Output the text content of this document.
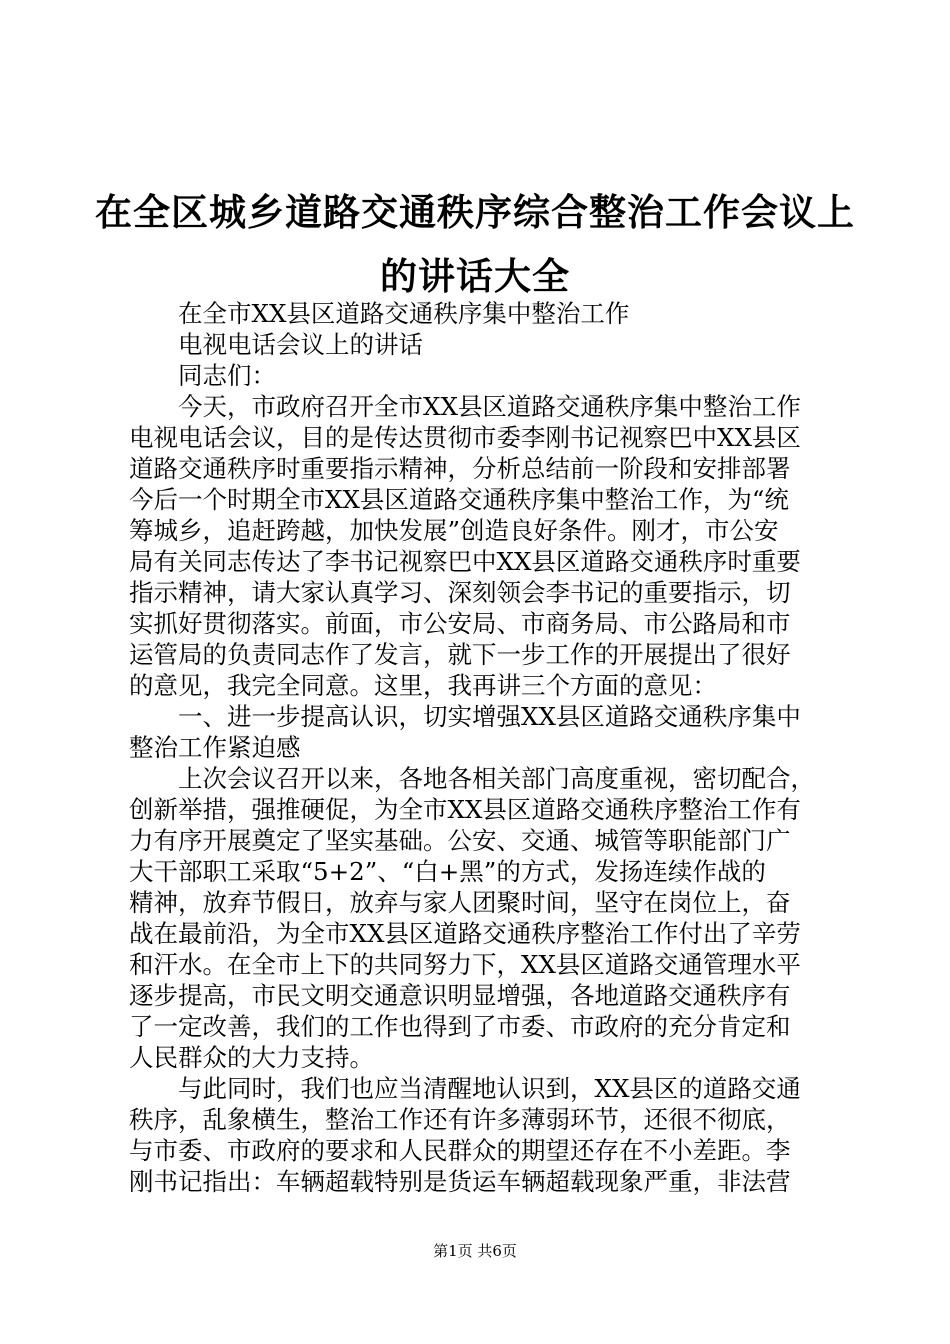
在全区城乡道路交通秩序综合整治工作会议上
的讲话大全
在全市XX县区道路交通秩序集中整治工作
电视电话会议上的讲话
同志们：
今天，市政府召开全市XX县区道路交通秩序集中整治工作
电视电话会议，目的是传达贯彻市委李刚书记视察巴中XX县区
道路交通秩序时重要指示精神，分析总结前一阶段和安排部署
今后一个时期全市XX县区道路交通秩序集中整治工作，为“统
筹城乡，追赶跨越，加快发展”创造良好条件。刚才，市公安
局有关同志传达了李书记视察巴中XX县区道路交通秩序时重要
指示精神，请大家认真学习、深刻领会李书记的重要指示，切
实抓好贯彻落实。前面，市公安局、市商务局、市公路局和市
运管局的负责同志作了发言，就下一步工作的开展提出了很好
的意见，我完全同意。这里，我再讲三个方面的意见：
一、进一步提高认识，切实增强XX县区道路交通秩序集中
整治工作紧迫感
上次会议召开以来，各地各相关部门高度重视，密切配合，
创新举措，强推硬促，为全市XX县区道路交通秩序整治工作有
力有序开展奠定了坚实基础。公安、交通、城管等职能部门广
大干部职工采取“5+2”、“白+黑”的方式，发扬连续作战的
精神，放弃节假日，放弃与家人团聚时间，坚守在岗位上，奋
战在最前沿，为全市XX县区道路交通秩序整治工作付出了辛劳
和汗水。在全市上下的共同努力下，XX县区道路交通管理水平
逐步提高，市民文明交通意识明显增强，各地道路交通秩序有
了一定改善，我们的工作也得到了市委、市政府的充分肯定和
人民群众的大力支持。
与此同时，我们也应当清醒地认识到，XX县区的道路交通
秩序，乱象横生，整治工作还有许多薄弱环节，还很不彻底，
与市委、市政府的要求和人民群众的期望还存在不小差距。李
刚书记指出：车辆超载特别是货运车辆超载现象严重，非法营
第1页 共6页
